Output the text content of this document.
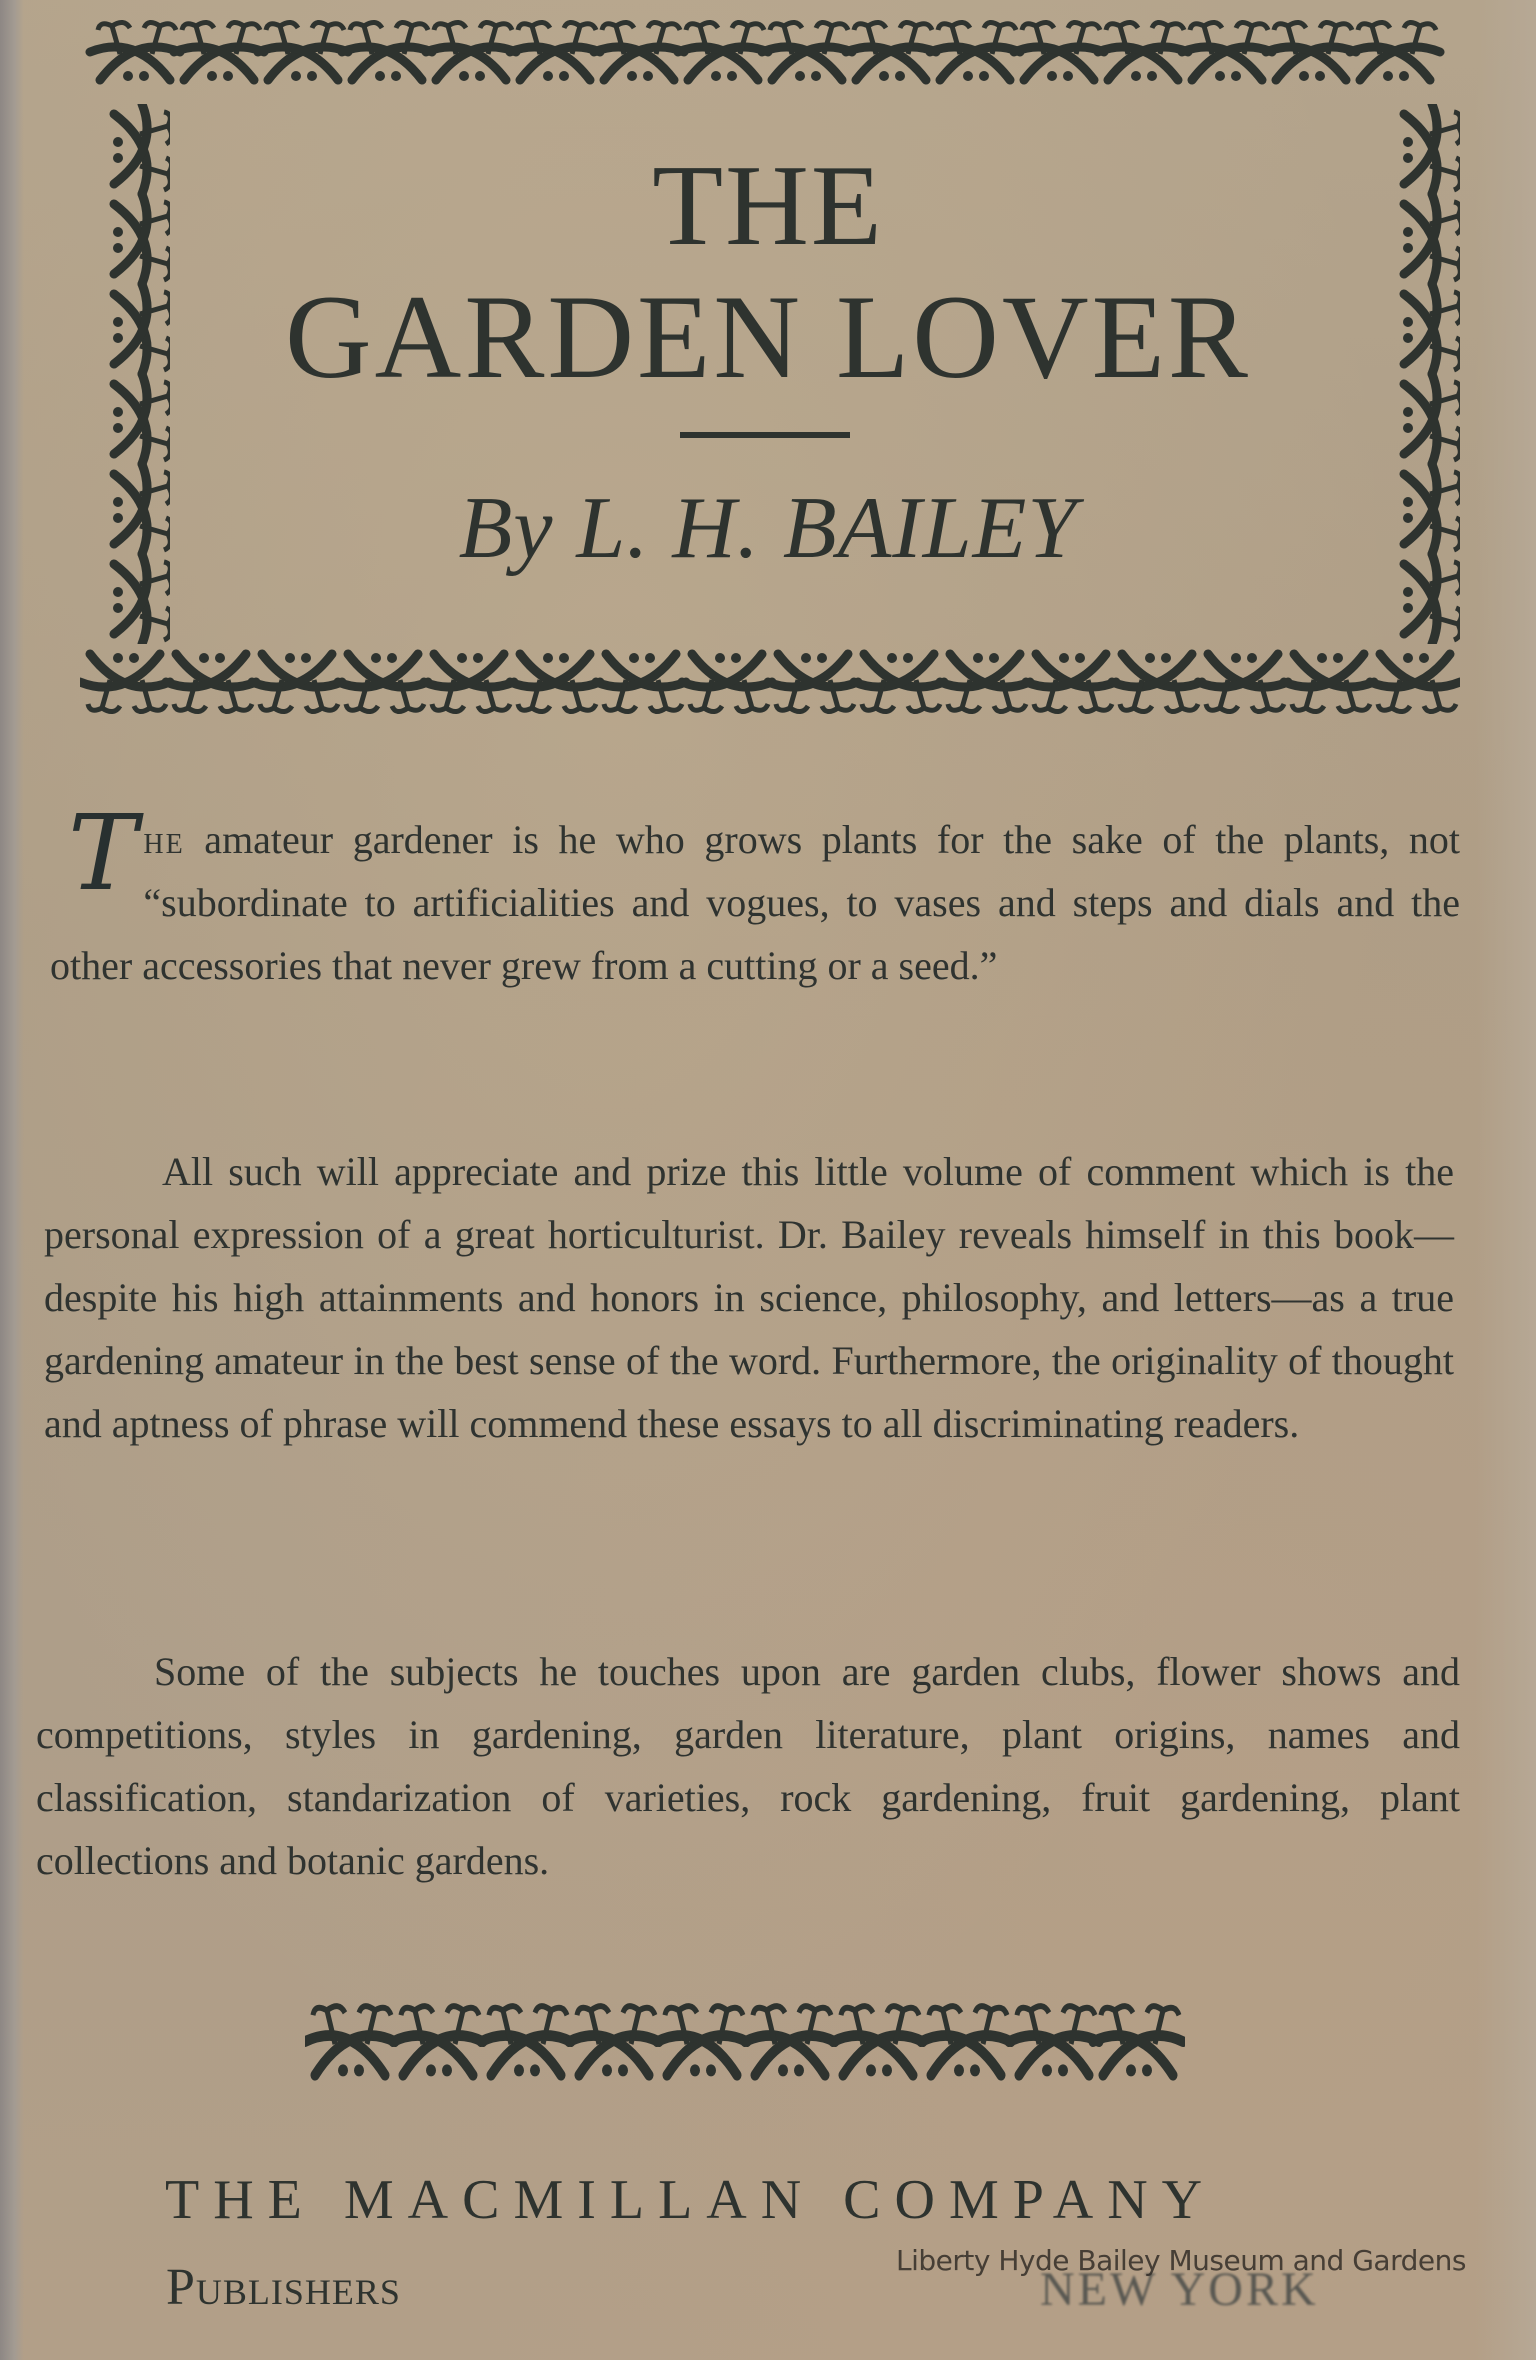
THE
GARDEN LOVER
By L. H. BAILEY
The amateur gardener is he who grows plants for the sake of the plants, not “subordinate to artificialities and vogues, to vases and steps and dials and the other accessories that never grew from a cutting or a seed.”
All such will appreciate and prize this little volume of comment which is the personal expression of a great horticulturist. Dr. Bailey reveals himself in this book—despite his high attainments and honors in science, philosophy, and letters—as a true gardening amateur in the best sense of the word. Furthermore, the originality of thought and aptness of phrase will commend these essays to all discriminating readers.
Some of the subjects he touches upon are garden clubs, flower shows and competitions, styles in gardening, garden literature, plant origins, names and classification, standarization of varieties, rock gardening, fruit gardening, plant collections and botanic gardens.
THE MACMILLAN COMPANY
Publishers	NEW YORK
Liberty Hyde Bailey Museum and Gardens
